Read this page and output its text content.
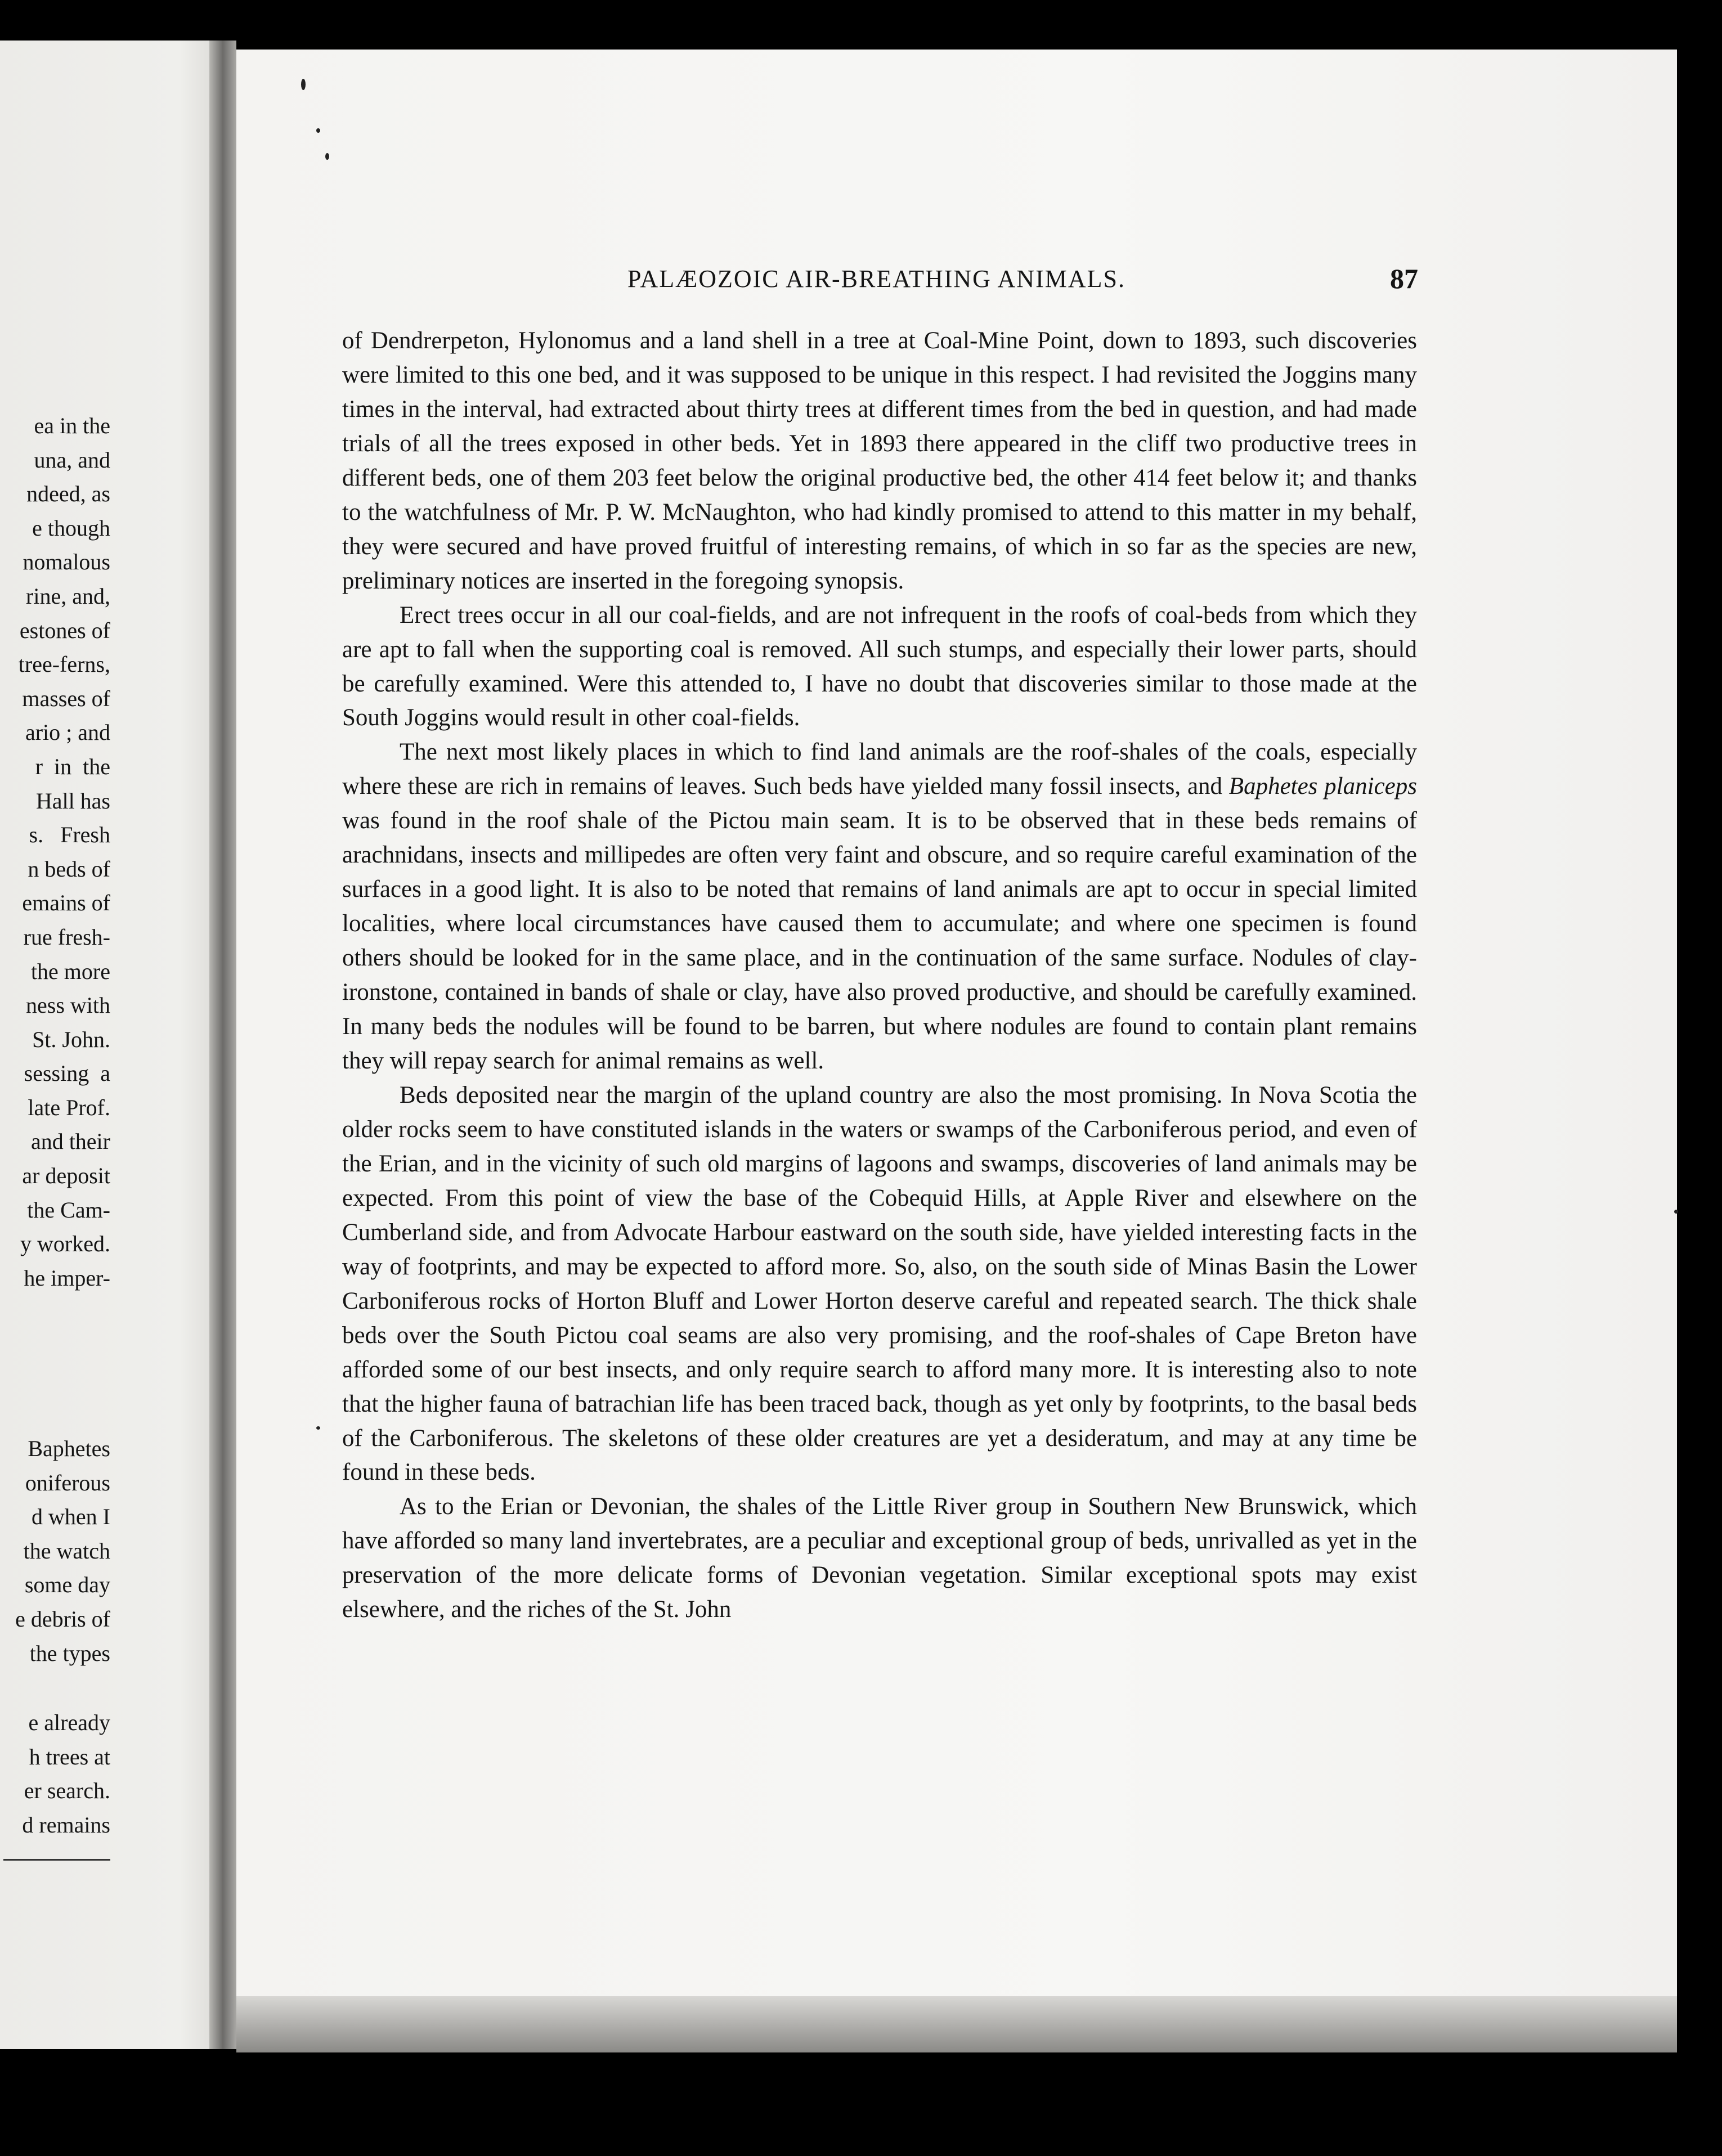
ea in the
una, and
ndeed, as
e though
nomalous
rine, and,
estones of
tree-ferns,
masses of
ario ; and
r  in  the
Hall has
s.   Fresh
n beds of
emains of
rue fresh-
the more
ness with
St. John.
sessing  a
late Prof.
and their
ar deposit
the Cam-
y worked.
he imper-
Baphetes
oniferous
d when I
the watch
some day
e debris of
the types
e already
h trees at
er search.
d remains
PALÆOZOIC AIR-BREATHING ANIMALS.	87

of Dendrerpeton, Hylonomus and a land shell in a tree at Coal-Mine Point, down to 1893, such discoveries were limited to this one bed, and it was supposed to be unique in this respect. I had revisited the Joggins many times in the interval, had extracted about thirty trees at different times from the bed in question, and had made trials of all the trees exposed in other beds. Yet in 1893 there appeared in the cliff two productive trees in different beds, one of them 203 feet below the original productive bed, the other 414 feet below it; and thanks to the watchfulness of Mr. P. W. McNaughton, who had kindly promised to attend to this matter in my behalf, they were secured and have proved fruitful of interesting remains, of which in so far as the species are new, preliminary notices are inserted in the foregoing synopsis.

Erect trees occur in all our coal-fields, and are not infrequent in the roofs of coal-beds from which they are apt to fall when the supporting coal is removed. All such stumps, and especially their lower parts, should be carefully examined. Were this attended to, I have no doubt that discoveries similar to those made at the South Joggins would result in other coal-fields.

The next most likely places in which to find land animals are the roof-shales of the coals, especially where these are rich in remains of leaves. Such beds have yielded many fossil insects, and Baphetes planiceps was found in the roof shale of the Pictou main seam. It is to be observed that in these beds remains of arachnidans, insects and millipedes are often very faint and obscure, and so require careful examination of the surfaces in a good light. It is also to be noted that remains of land animals are apt to occur in special limited localities, where local circumstances have caused them to accumulate; and where one specimen is found others should be looked for in the same place, and in the continuation of the same surface. Nodules of clay-ironstone, contained in bands of shale or clay, have also proved productive, and should be carefully examined. In many beds the nodules will be found to be barren, but where nodules are found to contain plant remains they will repay search for animal remains as well.

Beds deposited near the margin of the upland country are also the most promising. In Nova Scotia the older rocks seem to have constituted islands in the waters or swamps of the Carboniferous period, and even of the Erian, and in the vicinity of such old margins of lagoons and swamps, discoveries of land animals may be expected. From this point of view the base of the Cobequid Hills, at Apple River and elsewhere on the Cumberland side, and from Advocate Harbour eastward on the south side, have yielded interesting facts in the way of footprints, and may be expected to afford more. So, also, on the south side of Minas Basin the Lower Carboniferous rocks of Horton Bluff and Lower Horton deserve careful and repeated search. The thick shale beds over the South Pictou coal seams are also very promising, and the roof-shales of Cape Breton have afforded some of our best insects, and only require search to afford many more. It is interesting also to note that the higher fauna of batrachian life has been traced back, though as yet only by footprints, to the basal beds of the Carboniferous. The skeletons of these older creatures are yet a desideratum, and may at any time be found in these beds.

As to the Erian or Devonian, the shales of the Little River group in Southern New Brunswick, which have afforded so many land invertebrates, are a peculiar and exceptional group of beds, unrivalled as yet in the preservation of the more delicate forms of Devonian vegetation. Similar exceptional spots may exist elsewhere, and the riches of the St. John
